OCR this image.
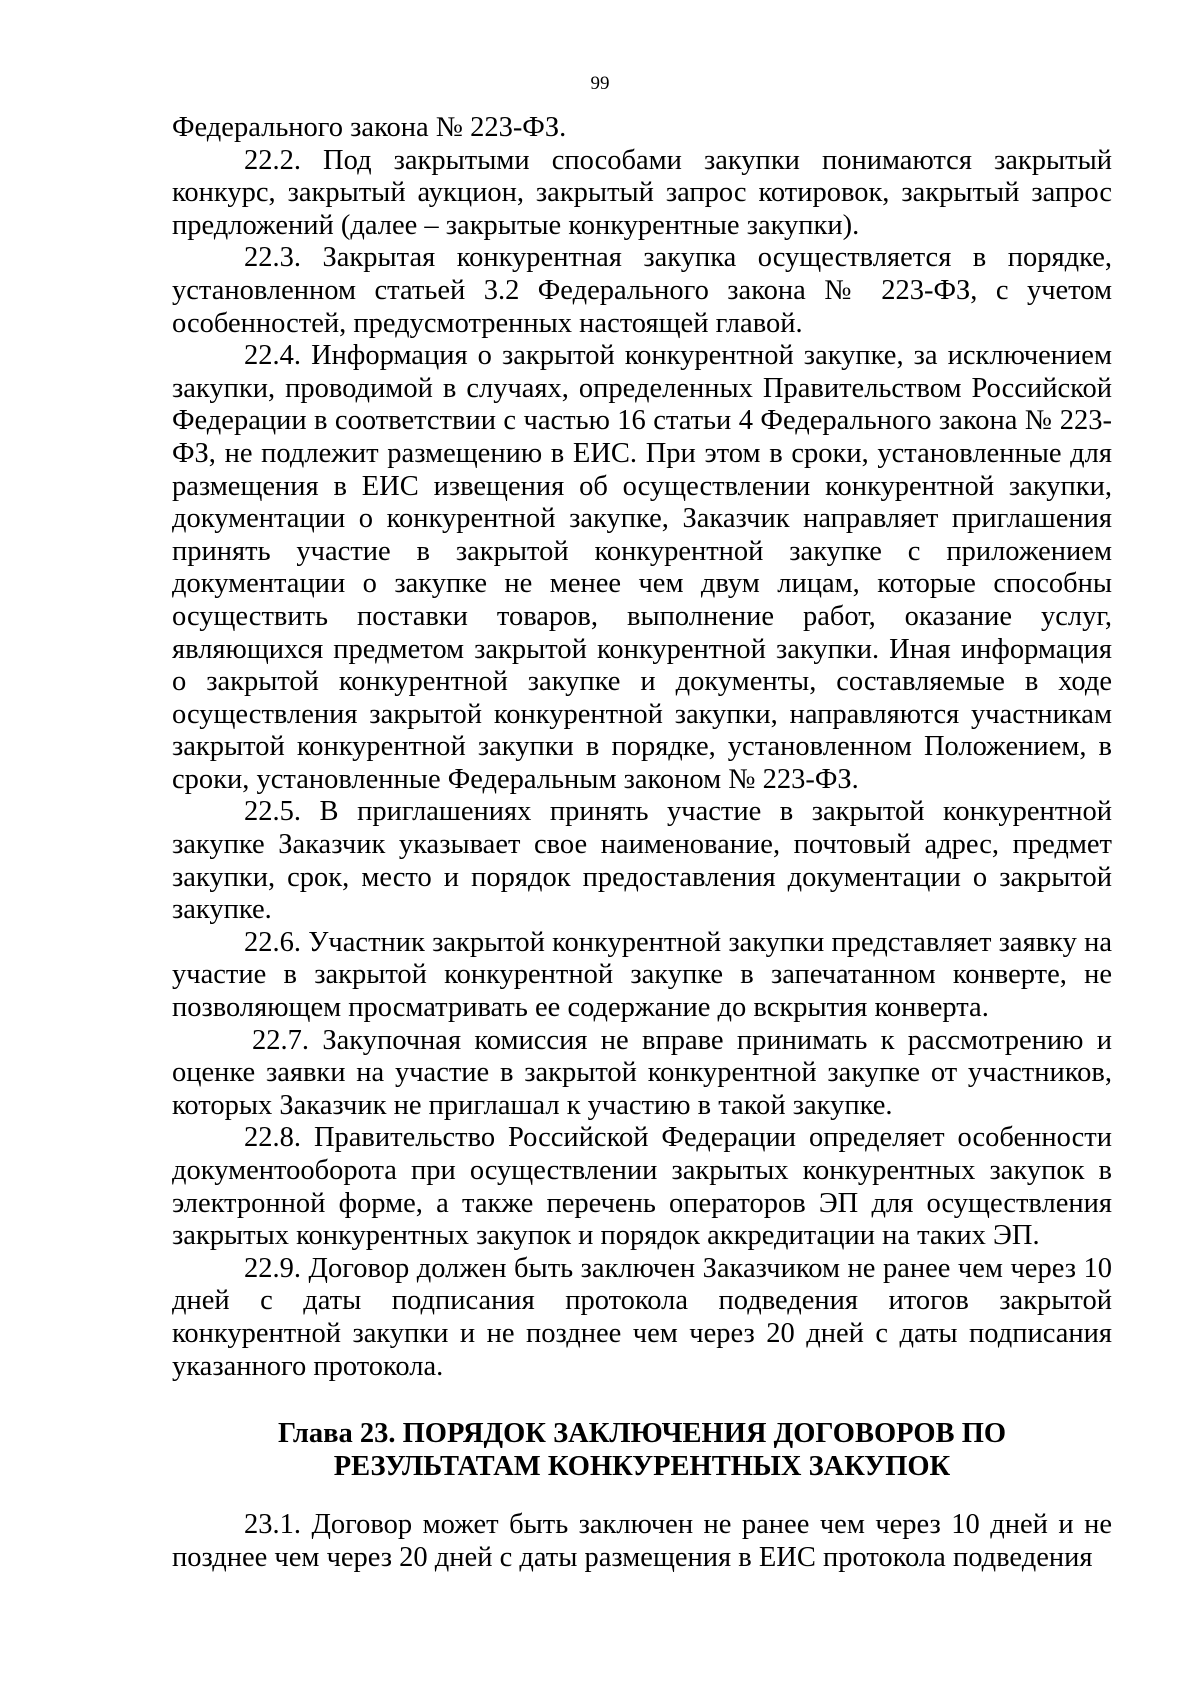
99

Федерального закона № 223-ФЗ.

22.2. Под закрытыми способами закупки понимаются закрытый конкурс, закрытый аукцион, закрытый запрос котировок, закрытый запрос предложений (далее – закрытые конкурентные закупки).

22.3. Закрытая конкурентная закупка осуществляется в порядке, установленном статьей 3.2 Федерального закона № 223-ФЗ, с учетом особенностей, предусмотренных настоящей главой.

22.4. Информация о закрытой конкурентной закупке, за исключением закупки, проводимой в случаях, определенных Правительством Российской Федерации в соответствии с частью 16 статьи 4 Федерального закона № 223-ФЗ, не подлежит размещению в ЕИС. При этом в сроки, установленные для размещения в ЕИС извещения об осуществлении конкурентной закупки, документации о конкурентной закупке, Заказчик направляет приглашения принять участие в закрытой конкурентной закупке с приложением документации о закупке не менее чем двум лицам, которые способны осуществить поставки товаров, выполнение работ, оказание услуг, являющихся предметом закрытой конкурентной закупки. Иная информация о закрытой конкурентной закупке и документы, составляемые в ходе осуществления закрытой конкурентной закупки, направляются участникам закрытой конкурентной закупки в порядке, установленном Положением, в сроки, установленные Федеральным законом № 223-ФЗ.

22.5. В приглашениях принять участие в закрытой конкурентной закупке Заказчик указывает свое наименование, почтовый адрес, предмет закупки, срок, место и порядок предоставления документации о закрытой закупке.

22.6. Участник закрытой конкурентной закупки представляет заявку на участие в закрытой конкурентной закупке в запечатанном конверте, не позволяющем просматривать ее содержание до вскрытия конверта.

22.7. Закупочная комиссия не вправе принимать к рассмотрению и оценке заявки на участие в закрытой конкурентной закупке от участников, которых Заказчик не приглашал к участию в такой закупке.

22.8. Правительство Российской Федерации определяет особенности документооборота при осуществлении закрытых конкурентных закупок в электронной форме, а также перечень операторов ЭП для осуществления закрытых конкурентных закупок и порядок аккредитации на таких ЭП.

22.9. Договор должен быть заключен Заказчиком не ранее чем через 10 дней с даты подписания протокола подведения итогов закрытой конкурентной закупки и не позднее чем через 20 дней с даты подписания указанного протокола.

Глава 23. ПОРЯДОК ЗАКЛЮЧЕНИЯ ДОГОВОРОВ ПО
РЕЗУЛЬТАТАМ КОНКУРЕНТНЫХ ЗАКУПОК

23.1. Договор может быть заключен не ранее чем через 10 дней и не позднее чем через 20 дней с даты размещения в ЕИС протокола подведения
